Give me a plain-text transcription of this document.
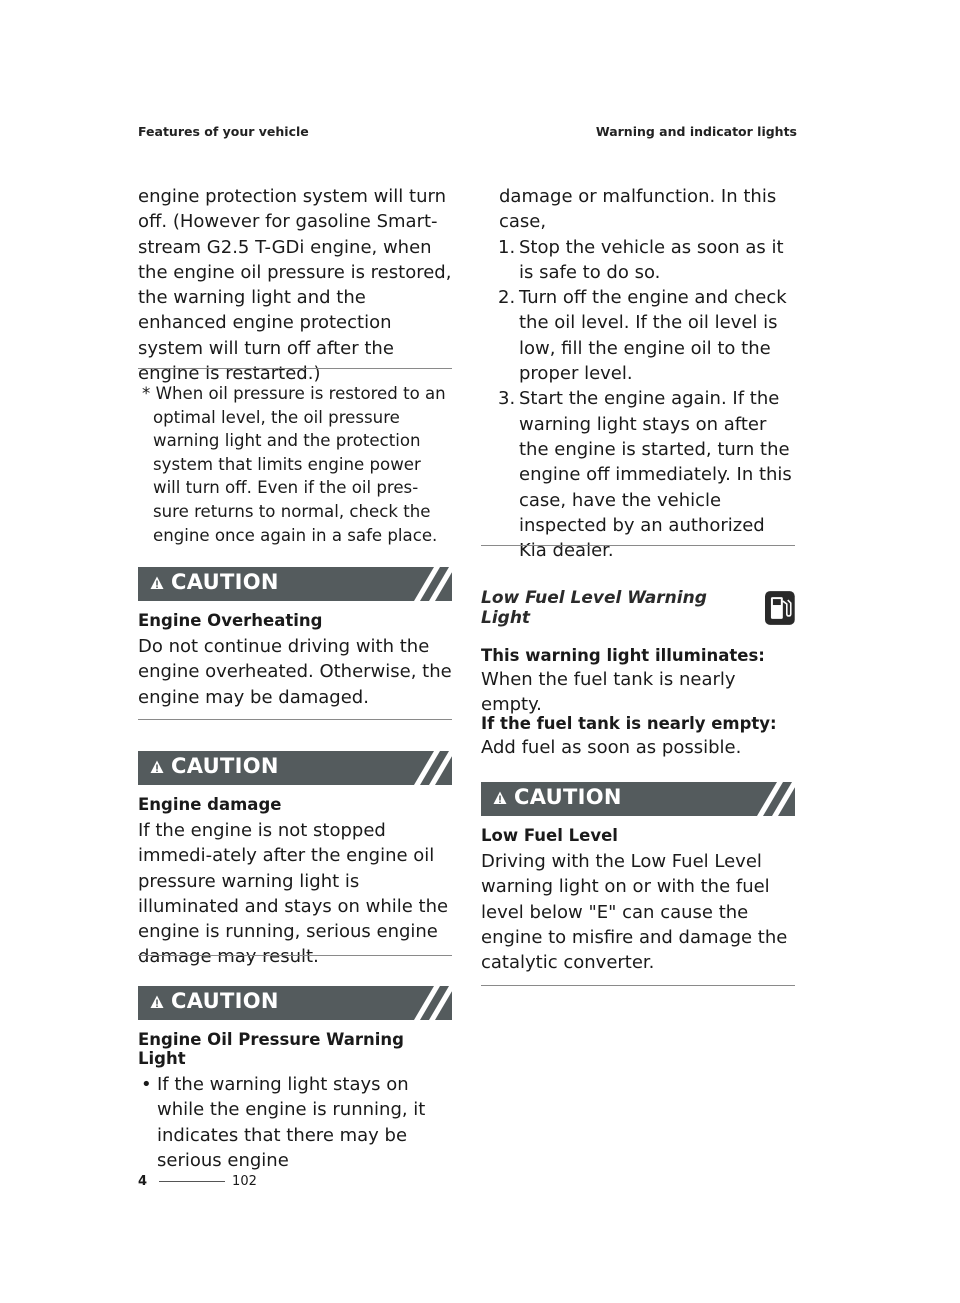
Features of your vehicle	Warning and indicator lights

engine protection system will turn off. (However for gasoline Smart-stream G2.5 T-GDi engine, when the engine oil pressure is restored, the warning light and the enhanced engine protection system will turn off after the engine is restarted.)

* When oil pressure is restored to an optimal level, the oil pressure warning light and the protection system that limits engine power will turn off. Even if the oil pres-sure returns to normal, check the engine once again in a safe place.

CAUTION
Engine Overheating

Do not continue driving with the engine overheated. Otherwise, the engine may be damaged.

CAUTION
Engine damage

If the engine is not stopped immedi-ately after the engine oil pressure warning light is illuminated and stays on while the engine is running, serious engine damage may result.

CAUTION
Engine Oil Pressure Warning Light
• If the warning light stays on while the engine is running, it indicates that there may be serious engine

damage or malfunction. In this case,

1. Stop the vehicle as soon as it is safe to do so.
2. Turn off the engine and check the oil level. If the oil level is low, fill the engine oil to the proper level.
3. Start the engine again. If the warning light stays on after the engine is started, turn the engine off immediately. In this case, have the vehicle inspected by an authorized Kia dealer.
Low Fuel Level Warning Light

This warning light illuminates:

When the fuel tank is nearly empty.

If the fuel tank is nearly empty:

Add fuel as soon as possible.

CAUTION
Low Fuel Level

Driving with the Low Fuel Level warning light on or with the fuel level below "E" can cause the engine to misfire and damage the catalytic converter.

4	102
